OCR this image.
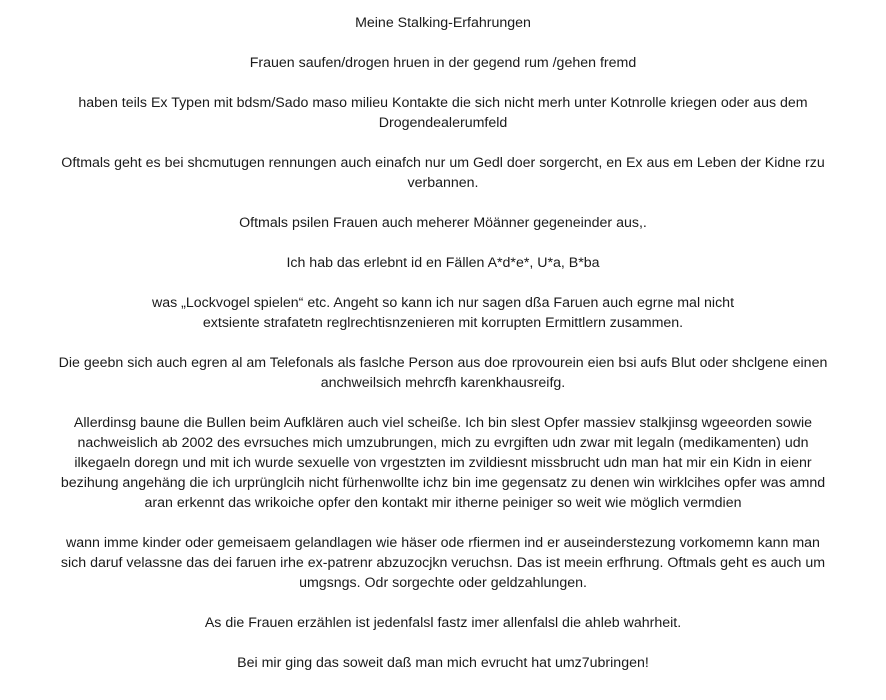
Meine Stalking-Erfahrungen

Frauen saufen/drogen hruen in der gegend rum /gehen fremd

haben teils Ex Typen mit bdsm/Sado maso milieu Kontakte die sich nicht merh unter Kotnrolle kriegen oder aus dem
Drogendealerumfeld

Oftmals geht es bei shcmutugen rennungen auch einafch nur um Gedl doer sorgercht, en Ex aus em Leben der Kidne rzu
verbannen.

Oftmals psilen Frauen auch meherer Möänner gegeneinder aus,.

Ich hab das erlebnt id en Fällen A*d*e*, U*a, B*ba

was „Lockvogel spielen“ etc. Angeht so kann ich nur sagen dßa Faruen auch egrne mal nicht
extsiente strafatetn reglrechtisnzenieren mit korrupten Ermittlern zusammen.

Die geebn sich auch egren al am Telefonals als faslche Person aus doe rprovourein eien bsi aufs Blut oder shclgene einen
anchweilsich mehrcfh karenkhausreifg.

Allerdinsg baune die Bullen beim Aufklären auch viel scheiße. Ich bin slest Opfer massiev stalkjinsg wgeeorden sowie
nachweislich ab 2002 des evrsuches mich umzubrungen, mich zu evrgiften udn zwar mit legaln (medikamenten) udn
ilkegaeln doregn und mit ich wurde sexuelle von vrgestzten im zvildiesnt missbrucht udn man hat mir ein Kidn in eienr
bezihung angehäng die ich urprünglcih nicht fürhenwollte ichz bin ime gegensatz zu denen win wirklcihes opfer was amnd
aran erkennt das wrikoiche opfer den kontakt mir itherne peiniger so weit wie möglich vermdien

wann imme kinder oder gemeisaem gelandlagen wie häser ode rfiermen ind er auseinderstezung vorkomemn kann man
sich daruf velassne das dei faruen irhe ex-patrenr abzuzocjkn veruchsn. Das ist meein erfhrung. Oftmals geht es auch um
umgsngs. Odr sorgechte oder geldzahlungen.

As die Frauen erzählen ist jedenfalsl fastz imer allenfalsl die ahleb wahrheit.

Bei mir ging das soweit daß man mich evrucht hat umz7ubringen!
